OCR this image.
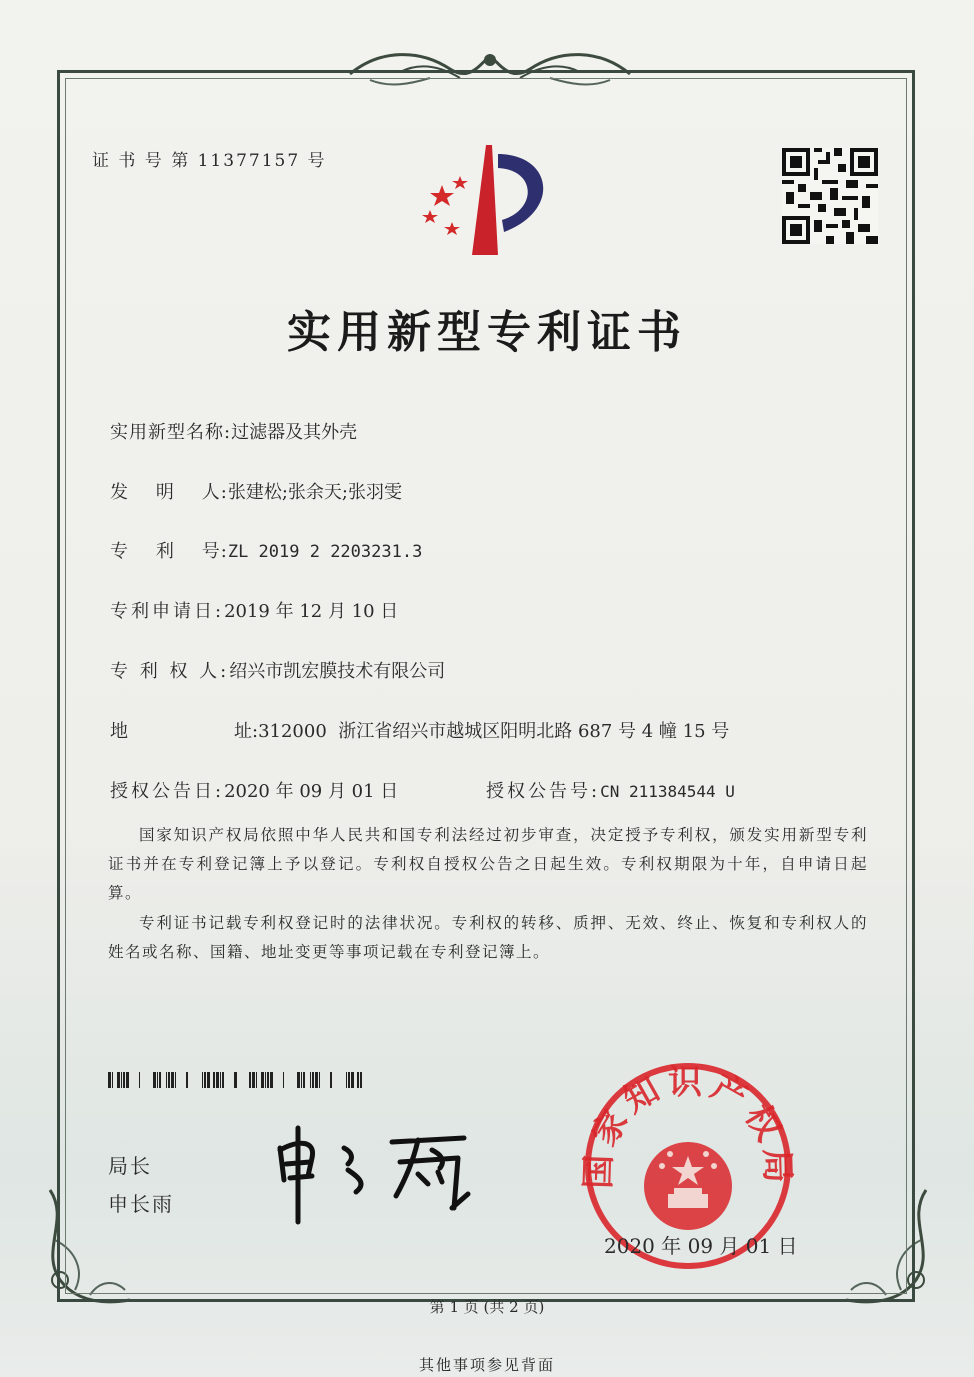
证 书 号 第 11377157 号
实用新型专利证书
实用新型名称:过滤器及其外壳
发    明    人:张建松;张余天;张羽雯
专    利    号:ZL 2019 2 2203231.3
专利申请日:2019 年 12 月 10 日
专 利 权 人:绍兴市凯宏膜技术有限公司
地	址:312000  浙江省绍兴市越城区阳明北路 687 号 4 幢 15 号
授权公告日:2020 年 09 月 01 日	授权公告号:CN 211384544 U
国家知识产权局依照中华人民共和国专利法经过初步审查，决定授予专利权，颁发实用新型专利证书并在专利登记簿上予以登记。专利权自授权公告之日起生效。专利权期限为十年，自申请日起算。
专利证书记载专利权登记时的法律状况。专利权的转移、质押、无效、终止、恢复和专利权人的姓名或名称、国籍、地址变更等事项记载在专利登记簿上。
局长
申长雨
国家知识产权局
2020 年 09 月 01 日
第 1 页 (共 2 页)
其他事项参见背面
